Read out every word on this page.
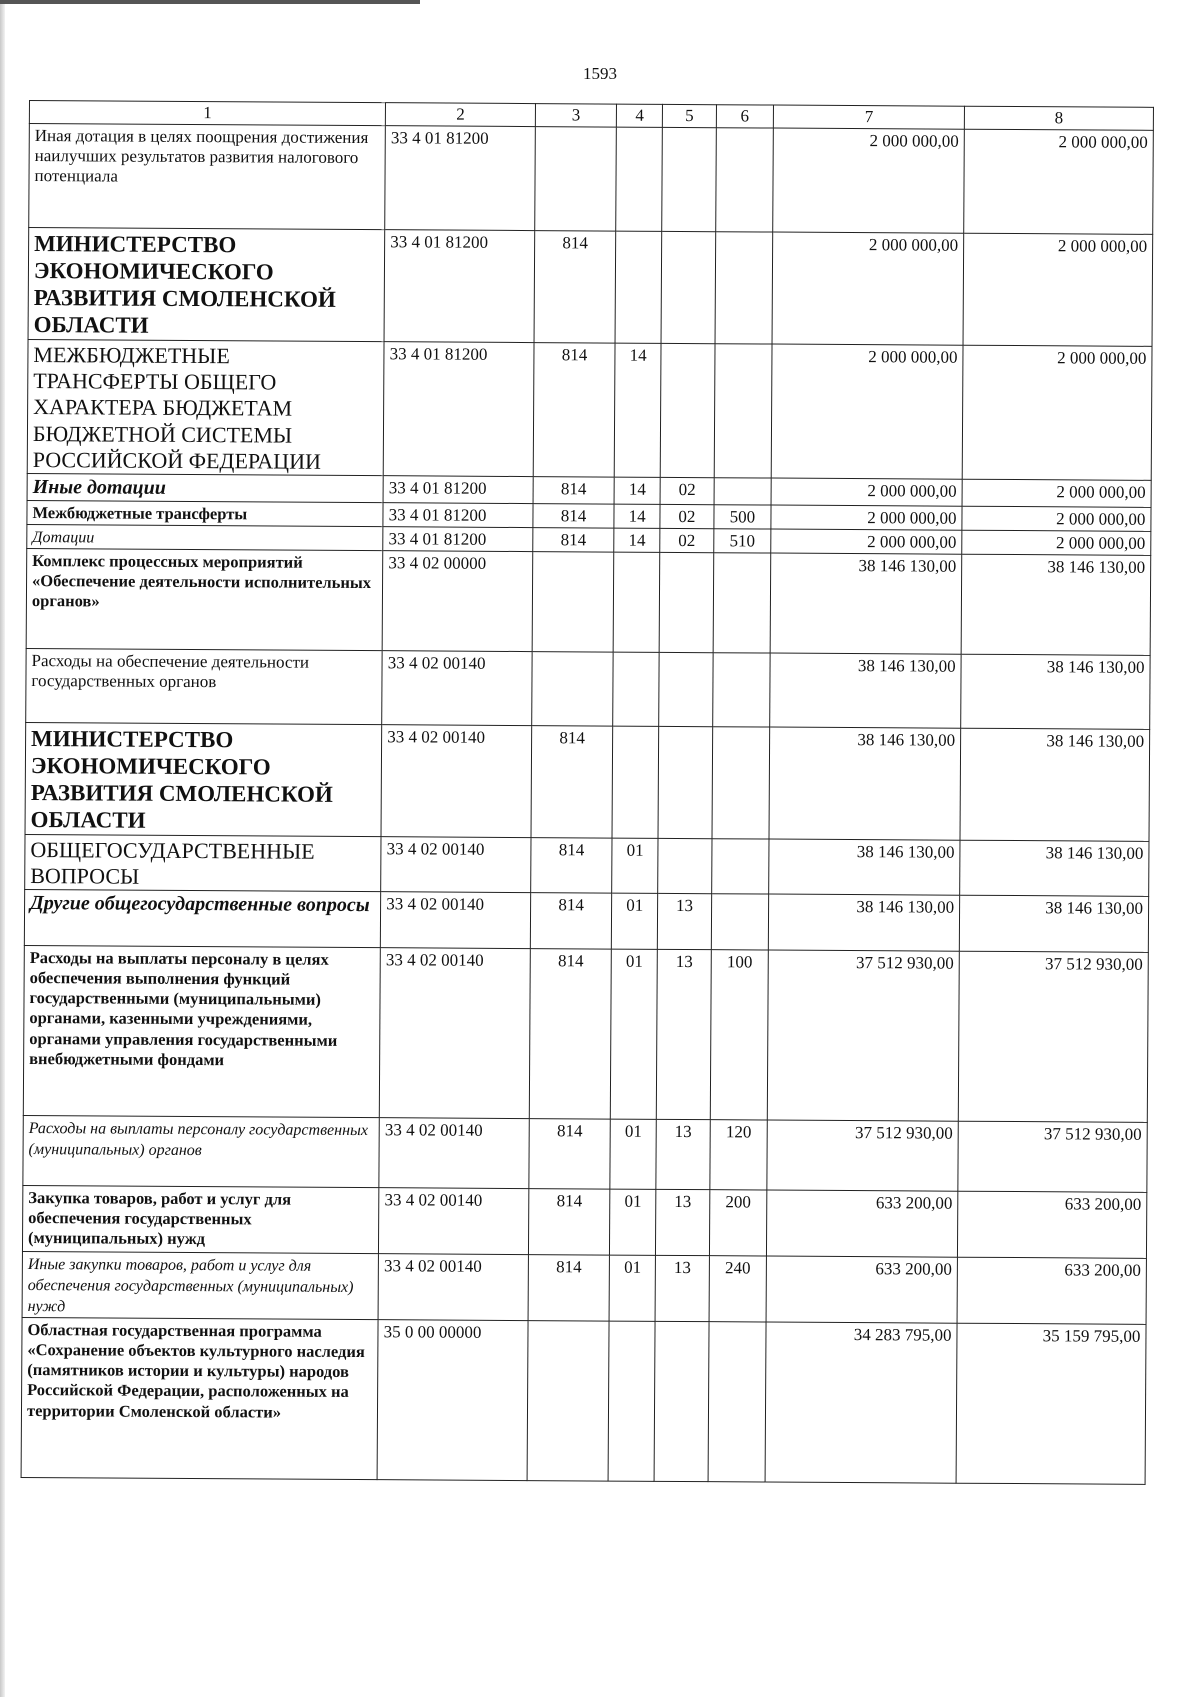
1593
1	2	3	4	5	6	7	8
Иная дотация в целях поощрения достижения наилучших результатов развития налогового потенциала	33 4 01 81200					2 000 000,00	2 000 000,00
МИНИСТЕРСТВО ЭКОНОМИЧЕСКОГО РАЗВИТИЯ СМОЛЕНСКОЙ ОБЛАСТИ	33 4 01 81200	814				2 000 000,00	2 000 000,00
МЕЖБЮДЖЕТНЫЕ ТРАНСФЕРТЫ ОБЩЕГО ХАРАКТЕРА БЮДЖЕТАМ БЮДЖЕТНОЙ СИСТЕМЫ РОССИЙСКОЙ ФЕДЕРАЦИИ	33 4 01 81200	814	14			2 000 000,00	2 000 000,00
Иные дотации	33 4 01 81200	814	14	02		2 000 000,00	2 000 000,00
Межбюджетные трансферты	33 4 01 81200	814	14	02	500	2 000 000,00	2 000 000,00
Дотации	33 4 01 81200	814	14	02	510	2 000 000,00	2 000 000,00
Комплекс процессных мероприятий «Обеспечение деятельности исполнительных органов»	33 4 02 00000					38 146 130,00	38 146 130,00
Расходы на обеспечение деятельности государственных органов	33 4 02 00140					38 146 130,00	38 146 130,00
МИНИСТЕРСТВО ЭКОНОМИЧЕСКОГО РАЗВИТИЯ СМОЛЕНСКОЙ ОБЛАСТИ	33 4 02 00140	814				38 146 130,00	38 146 130,00
ОБЩЕГОСУДАРСТВЕННЫЕ ВОПРОСЫ	33 4 02 00140	814	01			38 146 130,00	38 146 130,00
Другие общегосударственные вопросы	33 4 02 00140	814	01	13		38 146 130,00	38 146 130,00
Расходы на выплаты персоналу в целях обеспечения выполнения функций государственными (муниципальными) органами, казенными учреждениями, органами управления государственными внебюджетными фондами	33 4 02 00140	814	01	13	100	37 512 930,00	37 512 930,00
Расходы на выплаты персоналу государственных (муниципальных) органов	33 4 02 00140	814	01	13	120	37 512 930,00	37 512 930,00
Закупка товаров, работ и услуг для обеспечения государственных (муниципальных) нужд	33 4 02 00140	814	01	13	200	633 200,00	633 200,00
Иные закупки товаров, работ и услуг для обеспечения государственных (муниципальных) нужд	33 4 02 00140	814	01	13	240	633 200,00	633 200,00
Областная государственная программа «Сохранение объектов культурного наследия (памятников истории и культуры) народов Российской Федерации, расположенных на территории Смоленской области»	35 0 00 00000					34 283 795,00	35 159 795,00
